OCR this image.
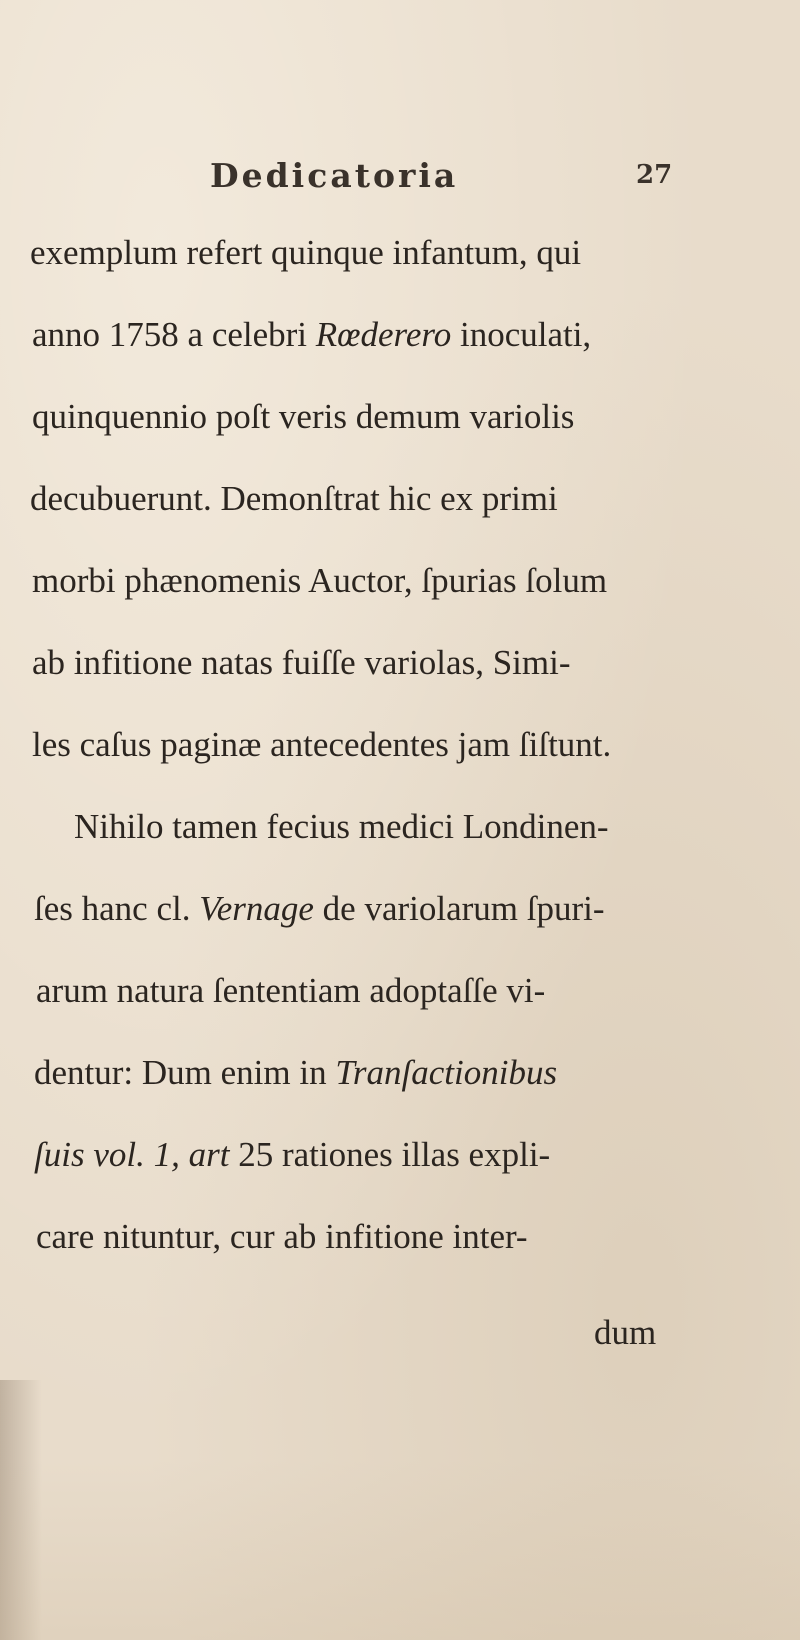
Dedicatoria	27
exemplum refert quinque infantum, qui
anno 1758 a celebri Rœderero inoculati,
quinquennio poſt veris demum variolis
decubuerunt. Demonſtrat hic ex primi
morbi phænomenis Auctor, ſpurias ſolum
ab infitione natas fuiſſe variolas, Simi-
les caſus paginæ antecedentes jam ſiſtunt.
Nihilo tamen fecius medici Londinen-
ſes hanc cl. Vernage de variolarum ſpuri-
arum natura ſententiam adoptaſſe vi-
dentur: Dum enim in Tranſactionibus
ſuis vol. 1, art 25 rationes illas expli-
care nituntur, cur ab infitione inter-
dum
